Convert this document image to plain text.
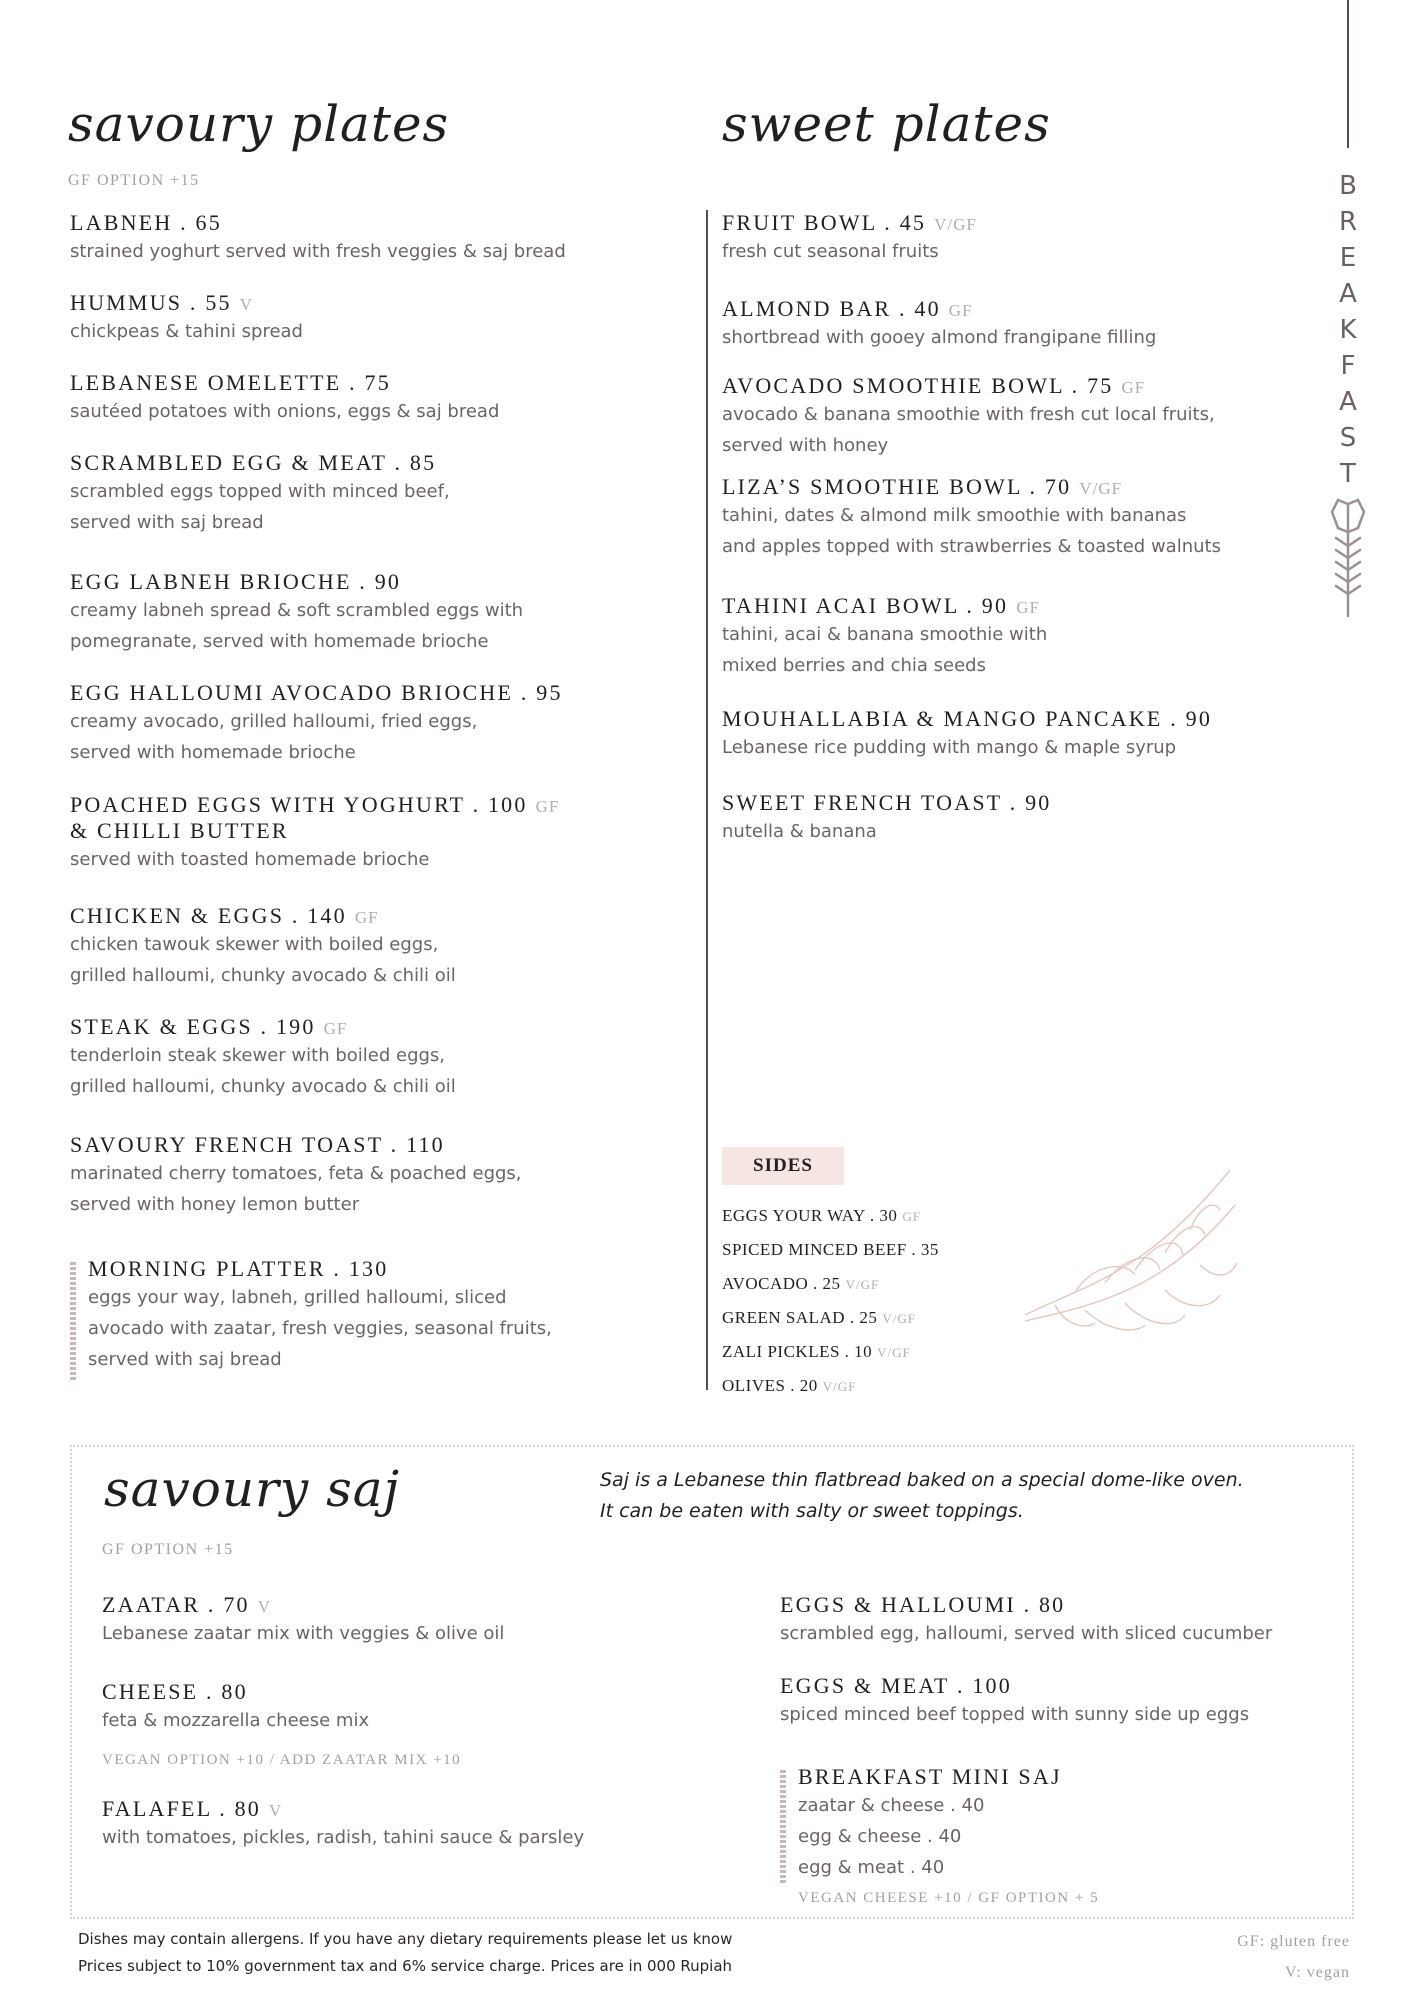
savoury plates
GF OPTION +15
LABNEH . 65
strained yoghurt served with fresh veggies & saj bread
HUMMUS . 55 V
chickpeas & tahini spread
LEBANESE OMELETTE . 75
sautéed potatoes with onions, eggs & saj bread
SCRAMBLED EGG & MEAT . 85
scrambled eggs topped with minced beef,
served with saj bread
EGG LABNEH BRIOCHE . 90
creamy labneh spread & soft scrambled eggs with
pomegranate, served with homemade brioche
EGG HALLOUMI AVOCADO BRIOCHE . 95
creamy avocado, grilled halloumi, fried eggs,
served with homemade brioche
POACHED EGGS WITH YOGHURT . 100 GF
& CHILLI BUTTER
served with toasted homemade brioche
CHICKEN & EGGS . 140 GF
chicken tawouk skewer with boiled eggs,
grilled halloumi, chunky avocado & chili oil
STEAK & EGGS . 190 GF
tenderloin steak skewer with boiled eggs,
grilled halloumi, chunky avocado & chili oil
SAVOURY FRENCH TOAST . 110
marinated cherry tomatoes, feta & poached eggs,
served with honey lemon butter
MORNING PLATTER . 130
eggs your way, labneh, grilled halloumi, sliced
avocado with zaatar, fresh veggies, seasonal fruits,
served with saj bread
sweet plates
FRUIT BOWL . 45 V/GF
fresh cut seasonal fruits
ALMOND BAR . 40 GF
shortbread with gooey almond frangipane filling
AVOCADO SMOOTHIE BOWL . 75 GF
avocado & banana smoothie with fresh cut local fruits,
served with honey
LIZA’S SMOOTHIE BOWL . 70 V/GF
tahini, dates & almond milk smoothie with bananas
and apples topped with strawberries & toasted walnuts
TAHINI ACAI BOWL . 90 GF
tahini, acai & banana smoothie with
mixed berries and chia seeds
MOUHALLABIA & MANGO PANCAKE . 90
Lebanese rice pudding with mango & maple syrup
SWEET FRENCH TOAST . 90
nutella & banana
SIDES
EGGS YOUR WAY . 30 GF
SPICED MINCED BEEF . 35
AVOCADO . 25 V/GF
GREEN SALAD . 25 V/GF
ZALI PICKLES . 10 V/GF
OLIVES . 20 V/GF
B
R
E
A
K
F
A
S
T
savoury saj	Saj is a Lebanese thin flatbread baked on a special dome-like oven.
It can be eaten with salty or sweet toppings.
GF OPTION +15
ZAATAR . 70 V
Lebanese zaatar mix with veggies & olive oil
CHEESE . 80
feta & mozzarella cheese mix
VEGAN OPTION +10 / ADD ZAATAR MIX +10
FALAFEL . 80 V
with tomatoes, pickles, radish, tahini sauce & parsley
EGGS & HALLOUMI . 80
scrambled egg, halloumi, served with sliced cucumber
EGGS & MEAT . 100
spiced minced beef topped with sunny side up eggs
BREAKFAST MINI SAJ
zaatar & cheese . 40
egg & cheese . 40
egg & meat . 40
VEGAN CHEESE +10 / GF OPTION + 5
Dishes may contain allergens. If you have any dietary requirements please let us know
Prices subject to 10% government tax and 6% service charge. Prices are in 000 Rupiah
GF: gluten free
V: vegan
